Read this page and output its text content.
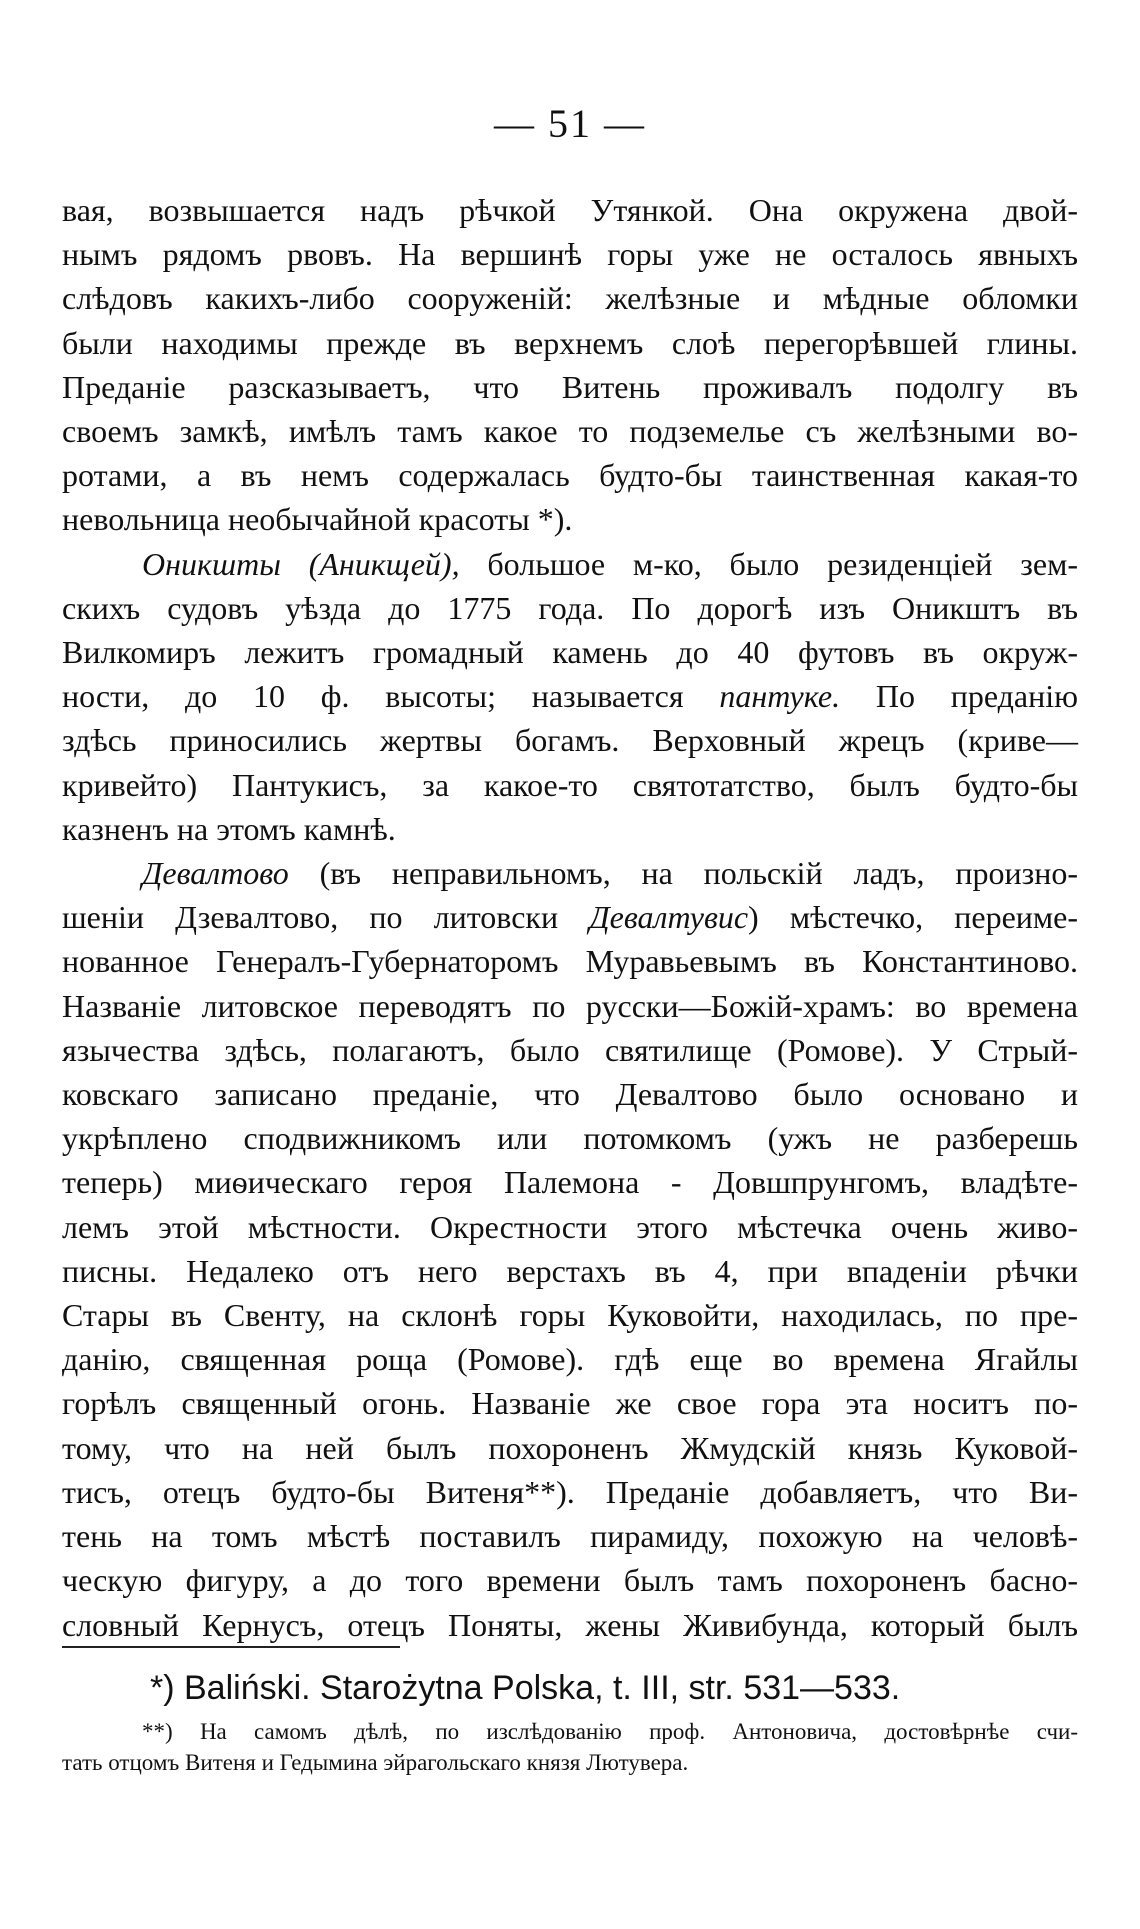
— 51 —
вая, возвышается надъ рѣчкой Утянкой. Она окружена двой-
нымъ рядомъ рвовъ. На вершинѣ горы уже не осталось явныхъ
слѣдовъ какихъ-либо сооруженій: желѣзные и мѣдные обломки
были находимы прежде въ верхнемъ слоѣ перегорѣвшей глины.
Преданіе разсказываетъ, что Витень проживалъ подолгу въ
своемъ замкѣ, имѣлъ тамъ какое то подземелье съ желѣзными во-
ротами, а въ немъ содержалась будто-бы таинственная какая-то
невольница необычайной красоты *).
Оникшты (Аникщей), большое м-ко, было резиденціей зем-
скихъ судовъ уѣзда до 1775 года. По дорогѣ изъ Оникштъ въ
Вилкомиръ лежитъ громадный камень до 40 футовъ въ окруж-
ности, до 10 ф. высоты; называется пантуке. По преданію
здѣсь приносились жертвы богамъ. Верховный жрецъ (криве—
кривейто) Пантукисъ, за какое-то святотатство, былъ будто-бы
казненъ на этомъ камнѣ.
Девалтово (въ неправильномъ, на польскій ладъ, произно-
шеніи Дзевалтово, по литовски Девалтувис) мѣстечко, переиме-
нованное Генералъ-Губернаторомъ Муравьевымъ въ Константиново.
Названіе литовское переводятъ по русски—Божій-храмъ: во времена
язычества здѣсь, полагаютъ, было святилище (Ромове). У Стрый-
ковскаго записано преданіе, что Девалтово было основано и
укрѣплено сподвижникомъ или потомкомъ (ужъ не разберешь
теперь) миѳическаго героя Палемона - Довшпрунгомъ, владѣте-
лемъ этой мѣстности. Окрестности этого мѣстечка очень живо-
писны. Недалеко отъ него верстахъ въ 4, при впаденіи рѣчки
Стары въ Свенту, на склонѣ горы Куковойти, находилась, по пре-
данію, священная роща (Ромове). гдѣ еще во времена Ягайлы
горѣлъ священный огонь. Названіе же свое гора эта носитъ по-
тому, что на ней былъ похороненъ Жмудскій князь Куковой-
тисъ, отецъ будто-бы Витеня**). Преданіе добавляетъ, что Ви-
тень на томъ мѣстѣ поставилъ пирамиду, похожую на человѣ-
ческую фигуру, а до того времени былъ тамъ похороненъ басно-
словный Кернусъ, отецъ Поняты, жены Живибунда, который былъ
*) Baliński. Starożytna Polska, t. III, str. 531—533.
**) На самомъ дѣлѣ, по изслѣдованію проф. Антоновича, достовѣрнѣе счи-
тать отцомъ Витеня и Гедымина эйрагольскаго князя Лютувера.
